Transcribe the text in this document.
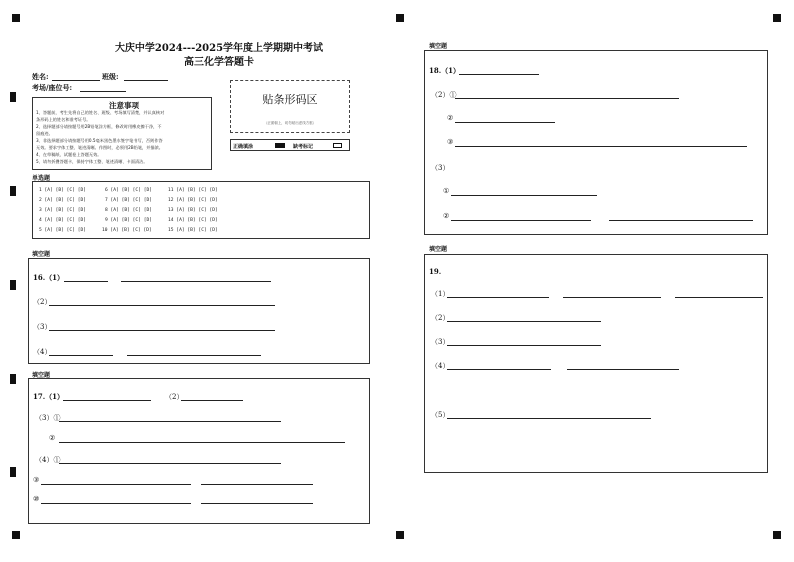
大庆中学2024---2025学年度上学期期中考试
高三化学答题卡
姓名:	班级:
考场/座位号:
注意事项
1、答题前，考生先将自己的姓名、班级、考场填写清楚，并认真核对
条形码上的姓名和准考证号。
2、选择题部分请按题号用2B铅笔涂方框，修改时用橡皮擦干净，不
留痕迹。
3、非选择题部分请按题号用0.5毫米黑色墨水签字笔书写，否则作答
无效。要求字体工整、笔迹清晰。作图时，必须用2B铅笔，并描浓。
4、在草稿纸、试题卷上答题无效。
5、请勿折叠答题卡，保持字体工整、笔迹清晰、卡面清洁。
贴条形码区
（正面朝上，切勿贴出虚线方框）
正确填涂	缺考标记
单选题
1 [A] [B] [C] [D]
2 [A] [B] [C] [D]
3 [A] [B] [C] [D]
4 [A] [B] [C] [D]
5 [A] [B] [C] [D]
6 [A] [B] [C] [D]
7 [A] [B] [C] [D]
8 [A] [B] [C] [D]
9 [A] [B] [C] [D]
10 [A] [B] [C] [D]
11 [A] [B] [C] [D]
12 [A] [B] [C] [D]
13 [A] [B] [C] [D]
14 [A] [B] [C] [D]
15 [A] [B] [C] [D]
填空题
16.（1）
（2）
（3）
（4）
填空题
17.（1）	（2）
（3）①
②
（4）①
③
⑩
填空题
18.（1）
（2）①
②
③
（3）
①
②
填空题
19.
（1）
（2）
（3）
（4）
（5）
